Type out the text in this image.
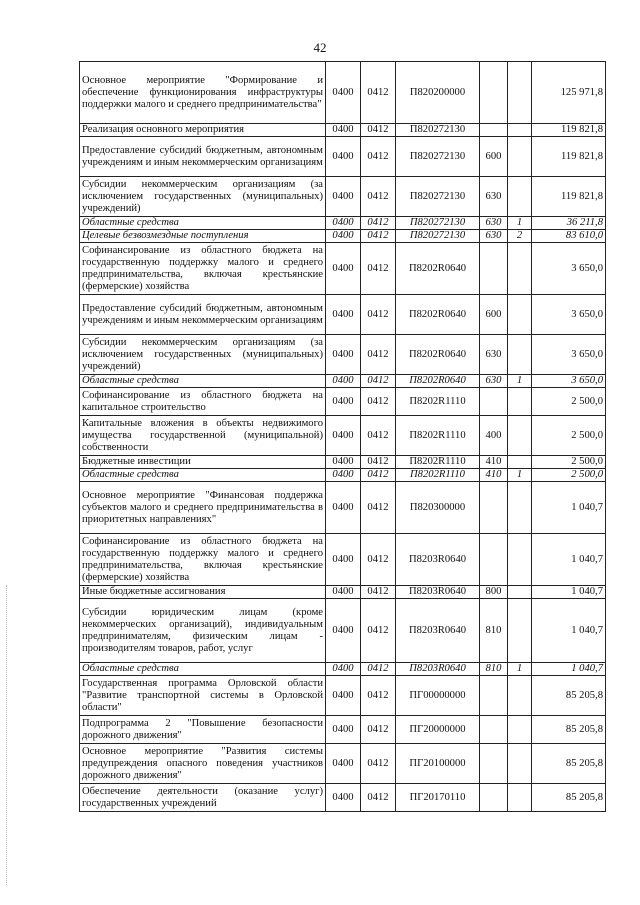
42
Основное мероприятие "Формирование и обеспечение функционирования инфраструктуры поддержки малого и среднего предпринимательства"	0400	0412	П820200000			125 971,8
Реализация основного мероприятия	0400	0412	П820272130			119 821,8
Предоставление субсидий бюджетным, автономным учреждениям и иным некоммерческим организациям	0400	0412	П820272130	600		119 821,8
Субсидии некоммерческим организациям (за исключением государственных (муниципальных) учреждений)	0400	0412	П820272130	630		119 821,8
Областные средства	0400	0412	П820272130	630	1	36 211,8
Целевые безвозмездные поступления	0400	0412	П820272130	630	2	83 610,0
Софинансирование из областного бюджета на государственную поддержку малого и среднего предпринимательства, включая крестьянские (фермерские) хозяйства	0400	0412	П8202R0640			3 650,0
Предоставление субсидий бюджетным, автономным учреждениям и иным некоммерческим организациям	0400	0412	П8202R0640	600		3 650,0
Субсидии некоммерческим организациям (за исключением государственных (муниципальных) учреждений)	0400	0412	П8202R0640	630		3 650,0
Областные средства	0400	0412	П8202R0640	630	1	3 650,0
Софинансирование из областного бюджета на капитальное строительство	0400	0412	П8202R1110			2 500,0
Капитальные вложения в объекты недвижимого имущества государственной (муниципальной) собственности	0400	0412	П8202R1110	400		2 500,0
Бюджетные инвестиции	0400	0412	П8202R1110	410		2 500,0
Областные средства	0400	0412	П8202R1110	410	1	2 500,0
Основное мероприятие "Финансовая поддержка субъектов малого и среднего предпринимательства в приоритетных направлениях"	0400	0412	П820300000			1 040,7
Софинансирование из областного бюджета на государственную поддержку малого и среднего предпринимательства, включая крестьянские (фермерские) хозяйства	0400	0412	П8203R0640			1 040,7
Иные бюджетные ассигнования	0400	0412	П8203R0640	800		1 040,7
Субсидии юридическим лицам (кроме некоммерческих организаций), индивидуальным предпринимателям, физическим лицам - производителям товаров, работ, услуг	0400	0412	П8203R0640	810		1 040,7
Областные средства	0400	0412	П8203R0640	810	1	1 040,7
Государственная программа Орловской области "Развитие транспортной системы в Орловской области"	0400	0412	ПГ00000000			85 205,8
Подпрограмма 2 "Повышение безопасности дорожного движения"	0400	0412	ПГ20000000			85 205,8
Основное мероприятие "Развития системы предупреждения опасного поведения участников дорожного движения"	0400	0412	ПГ20100000			85 205,8
Обеспечение деятельности (оказание услуг) государственных учреждений	0400	0412	ПГ20170110			85 205,8
